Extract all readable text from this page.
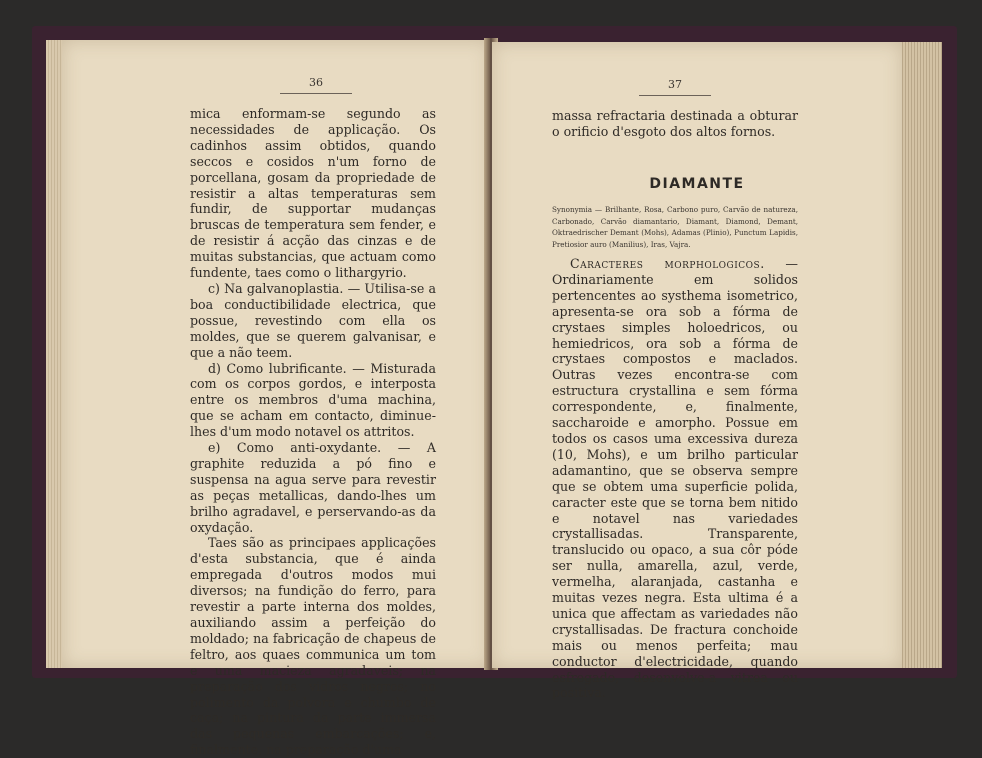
36

mica enformam-se segundo as necessidades de applicação. Os cadinhos assim obtidos, quando seccos e cosidos n'um forno de porcellana, gosam da propriedade de resistir a altas temperaturas sem fundir, de supportar mudanças bruscas de temperatura sem fender, e de resistir á acção das cinzas e de muitas substancias, que actuam como fundente, taes como o lithargyrio.

c) Na galvanoplastia. — Utilisa-se a boa conductibilidade electrica, que possue, revestindo com ella os moldes, que se querem galvanisar, e que a não teem.

d) Como lubrificante. — Misturada com os corpos gordos, e interposta entre os membros d'uma machina, que se acham em contacto, diminue-lhes d'um modo notavel os attritos.

e) Como anti-oxydante. — A graphite reduzida a pó fino e suspensa na agua serve para revestir as peças metallicas, dando-lhes um brilho agradavel, e perservando-as da oxydação.

Taes são as principaes applicações d'esta substancia, que é ainda empregada d'outros modos mui diversos; na fundição do ferro, para revestir a parte interna dos moldes, auxiliando assim a perfeição do moldado; na fabricação de chapeus de feltro, aos quaes communica um tom e uma macieza agradaveis; na preparação dos vidros negros; no polimento da polvora e chumbo de caça; na pintura da parte immersa das pequenas embarcações; e, finalmente, na preparação d'uma

37

massa refractaria destinada a obturar o orificio d'esgoto dos altos fornos.

DIAMANTE
Synonymia — Brilhante, Rosa, Carbono puro, Carvão de natureza, Carbonado, Carvão diamantario, Diamant, Diamond, Demant, Oktraedrischer Demant (Mohs), Adamas (Plinio), Punctum Lapidis, Pretiosior auro (Manilius), Iras, Vajra.

Caracteres morphologicos. — Ordinariamente em solidos pertencentes ao systhema isometrico, apresenta-se ora sob a fórma de crystaes simples holoedricos, ou hemiedricos, ora sob a fórma de crystaes compostos e maclados. Outras vezes encontra-se com estructura crystallina e sem fórma correspondente, e, finalmente, saccharoide e amorpho. Possue em todos os casos uma excessiva dureza (10, Mohs), e um brilho particular adamantino, que se observa sempre que se obtem uma superficie polida, caracter este que se torna bem nitido e notavel nas variedades crystallisadas. Transparente, translucido ou opaco, a sua côr póde ser nulla, amarella, azul, verde, vermelha, alaranjada, castanha e muitas vezes negra. Esta ultima é a unica que affectam as variedades não crystallisadas. De fractura conchoide mais ou menos perfeita; mau conductor d'electricidade, quando esfregado, desenvolve-a vitrea ou positiva.
